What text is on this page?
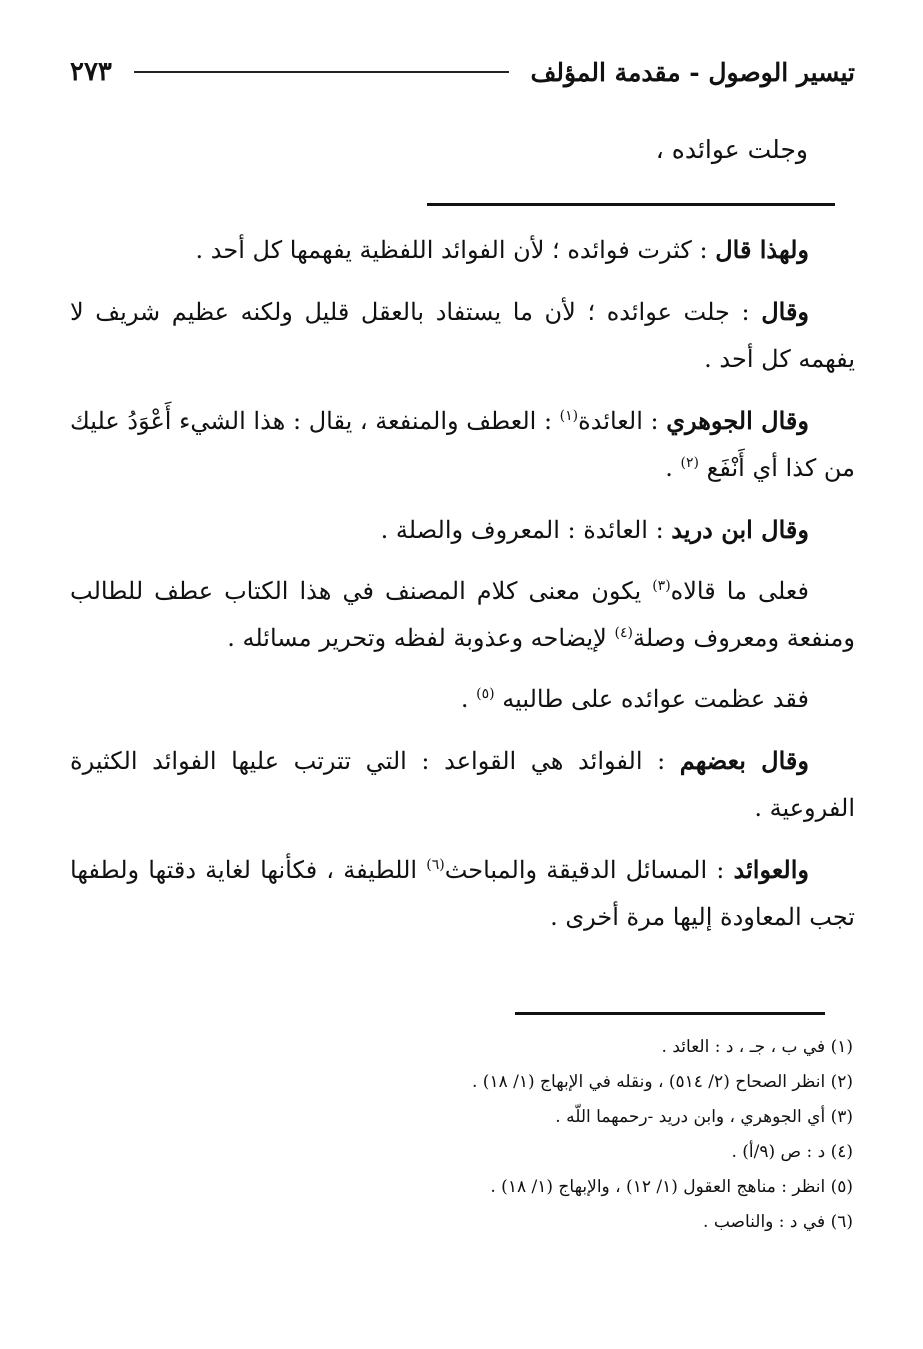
تيسير الوصول - مقدمة المؤلف
٢٧٣
وجلت عوائده ،

ولهذا قال : كثرت فوائده ؛ لأن الفوائد اللفظية يفهمها كل أحد .

وقال : جلت عوائده ؛ لأن ما يستفاد بالعقل قليل ولكنه عظيم شريف لا يفهمه كل أحد .

وقال الجوهري : العائدة$^{(١)}$ : العطف والمنفعة ، يقال : هذا الشيء أَعْوَدُ عليك من كذا أي أَنْفَع $^{(٢)}$ .

وقال ابن دريد : العائدة : المعروف والصلة .

فعلى ما قالاه$^{(٣)}$ يكون معنى كلام المصنف في هذا الكتاب عطف للطالب ومنفعة ومعروف وصلة$^{(٤)}$ لإيضاحه وعذوبة لفظه وتحرير مسائله .

فقد عظمت عوائده على طالبيه $^{(٥)}$ .

وقال بعضهم : الفوائد هي القواعد : التي تترتب عليها الفوائد الكثيرة الفروعية .

والعوائد : المسائل الدقيقة والمباحث$^{(٦)}$ اللطيفة ، فكأنها لغاية دقتها ولطفها تجب المعاودة إليها مرة أخرى .

(١) في ب ، جـ ، د : العائد .

(٢) انظر الصحاح (٢/ ٥١٤) ، ونقله في الإبهاج (١/ ١٨) .

(٣) أي الجوهري ، وابن دريد -رحمهما اللّه .

(٤) د : ص (٩/أ) .

(٥) انظر : مناهج العقول (١/ ١٢) ، والإبهاج (١/ ١٨) .

(٦) في د : والناصب .
